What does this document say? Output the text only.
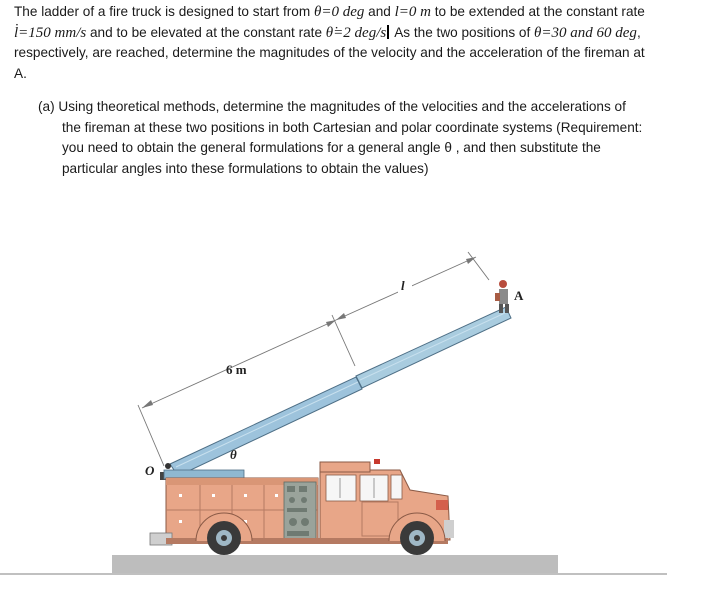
The ladder of a fire truck is designed to start from θ=0 deg and l=0 m to be extended at the constant rate l̇=150 mm/s and to be elevated at the constant rate θ̇=2 deg/s As the two positions of θ=30 and 60 deg, respectively, are reached, determine the magnitudes of the velocity and the acceleration of the fireman at A.
(a) Using theoretical methods, determine the magnitudes of the velocities and the accelerations of the fireman at these two positions in both Cartesian and polar coordinate systems (Requirement: you need to obtain the general formulations for a general angle θ , and then substitute the particular angles into these formulations to obtain the values)
6 m
l
A
O
θ
